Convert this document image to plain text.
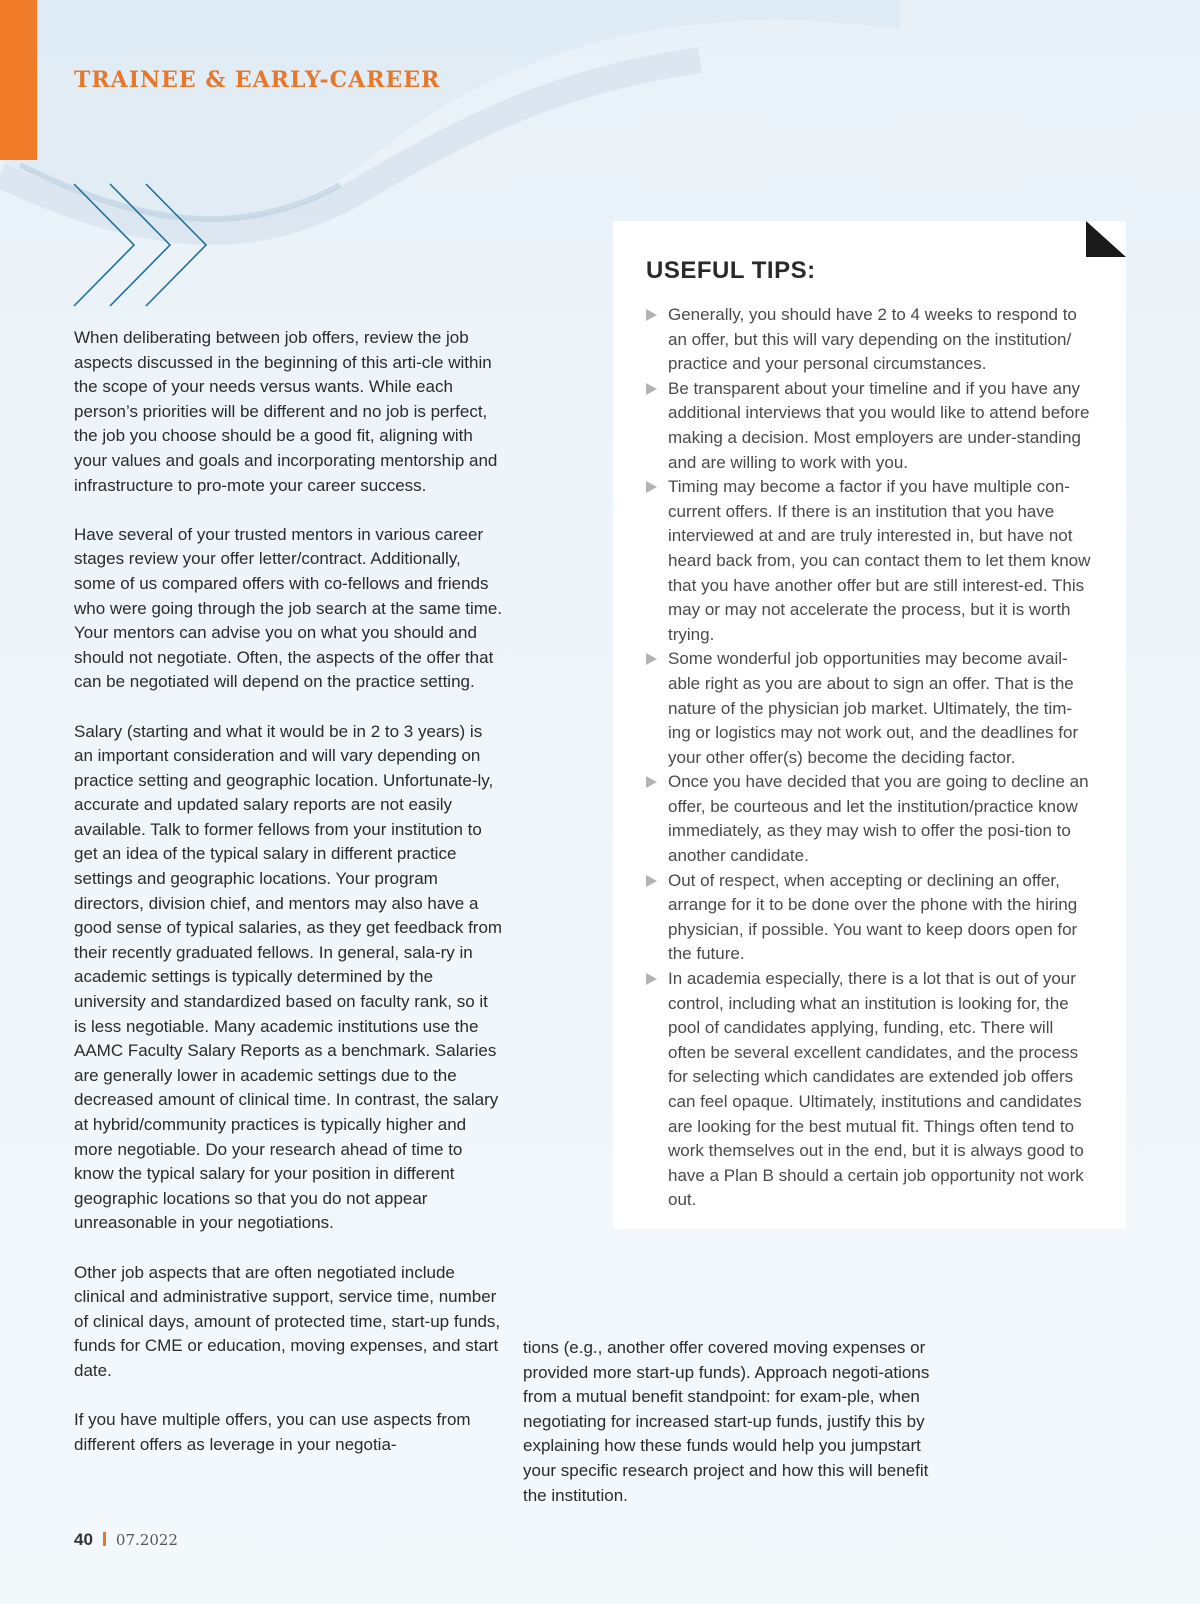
TRAINEE & EARLY-CAREER

When deliberating between job offers, review the job aspects discussed in the beginning of this arti-cle within the scope of your needs versus wants. While each person’s priorities will be different and no job is perfect, the job you choose should be a good fit, aligning with your values and goals and incorporating mentorship and infrastructure to pro-mote your career success.

Have several of your trusted mentors in various career stages review your offer letter/contract. Additionally, some of us compared offers with co-fellows and friends who were going through the job search at the same time. Your mentors can advise you on what you should and should not negotiate. Often, the aspects of the offer that can be negotiated will depend on the practice setting.

Salary (starting and what it would be in 2 to 3 years) is an important consideration and will vary depending on practice setting and geographic location. Unfortunate-ly, accurate and updated salary reports are not easily available. Talk to former fellows from your institution to get an idea of the typical salary in different practice settings and geographic locations. Your program directors, division chief, and mentors may also have a good sense of typical salaries, as they get feedback from their recently graduated fellows. In general, sala-ry in academic settings is typically determined by the university and standardized based on faculty rank, so it is less negotiable. Many academic institutions use the AAMC Faculty Salary Reports as a benchmark. Salaries are generally lower in academic settings due to the decreased amount of clinical time. In contrast, the salary at hybrid/community practices is typically higher and more negotiable. Do your research ahead of time to know the typical salary for your position in different geographic locations so that you do not appear unreasonable in your negotiations.

Other job aspects that are often negotiated include clinical and administrative support, service time, number of clinical days, amount of protected time, start-up funds, funds for CME or education, moving expenses, and start date.

If you have multiple offers, you can use aspects from different offers as leverage in your negotia-

USEFUL TIPS:
Generally, you should have 2 to 4 weeks to respond to an offer, but this will vary depending on the institution/ practice and your personal circumstances.
Be transparent about your timeline and if you have any additional interviews that you would like to attend before making a decision. Most employers are under-standing and are willing to work with you.
Timing may become a factor if you have multiple con-current offers. If there is an institution that you have interviewed at and are truly interested in, but have not heard back from, you can contact them to let them know that you have another offer but are still interest-ed. This may or may not accelerate the process, but it is worth trying.
Some wonderful job opportunities may become avail-able right as you are about to sign an offer. That is the nature of the physician job market. Ultimately, the tim-ing or logistics may not work out, and the deadlines for your other offer(s) become the deciding factor.
Once you have decided that you are going to decline an offer, be courteous and let the institution/practice know immediately, as they may wish to offer the posi-tion to another candidate.
Out of respect, when accepting or declining an offer, arrange for it to be done over the phone with the hiring physician, if possible. You want to keep doors open for the future.
In academia especially, there is a lot that is out of your control, including what an institution is looking for, the pool of candidates applying, funding, etc. There will often be several excellent candidates, and the process for selecting which candidates are extended job offers can feel opaque. Ultimately, institutions and candidates are looking for the best mutual fit. Things often tend to work themselves out in the end, but it is always good to have a Plan B should a certain job opportunity not work out.

tions (e.g., another offer covered moving expenses or provided more start-up funds). Approach negoti-ations from a mutual benefit standpoint: for exam-ple, when negotiating for increased start-up funds, justify this by explaining how these funds would help you jumpstart your specific research project and how this will benefit the institution.

40 07.2022
